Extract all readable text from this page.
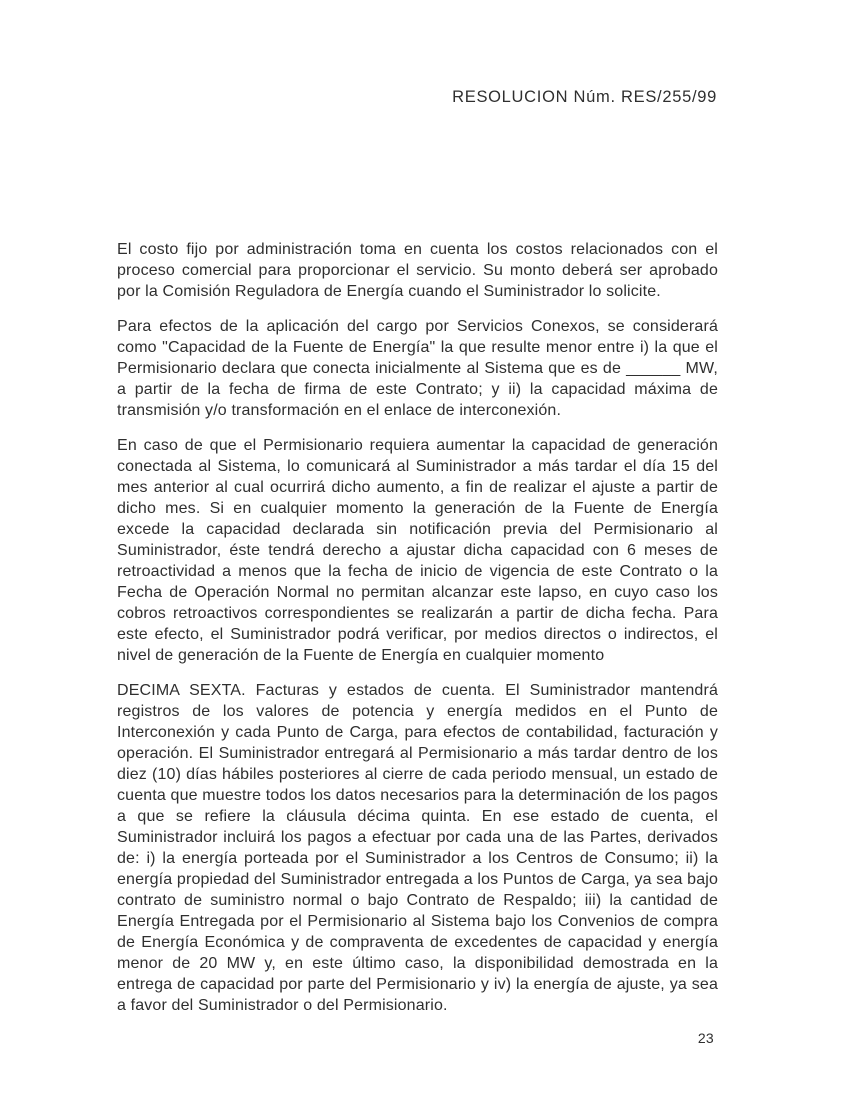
RESOLUCION Núm. RES/255/99

El costo fijo por administración toma en cuenta los costos relacionados con el proceso comercial para proporcionar el servicio. Su monto deberá ser aprobado por la Comisión Reguladora de Energía cuando el Suministrador lo solicite.

Para efectos de la aplicación del cargo por Servicios Conexos, se considerará como "Capacidad de la Fuente de Energía" la que resulte menor entre i) la que el Permisionario declara que conecta inicialmente al Sistema que es de ______ MW, a partir de la fecha de firma de este Contrato; y ii) la capacidad máxima de transmisión y/o transformación en el enlace de interconexión.

En caso de que el Permisionario requiera aumentar la capacidad de generación conectada al Sistema, lo comunicará al Suministrador a más tardar el día 15 del mes anterior al cual ocurrirá dicho aumento, a fin de realizar el ajuste a partir de dicho mes. Si en cualquier momento la generación de la Fuente de Energía excede la capacidad declarada sin notificación previa del Permisionario al Suministrador, éste tendrá derecho a ajustar dicha capacidad con 6 meses de retroactividad a menos que la fecha de inicio de vigencia de este Contrato o la Fecha de Operación Normal no permitan alcanzar este lapso, en cuyo caso los cobros retroactivos correspondientes se realizarán a partir de dicha fecha. Para este efecto, el Suministrador podrá verificar, por medios directos o indirectos, el nivel de generación de la Fuente de Energía en cualquier momento

DECIMA SEXTA. Facturas y estados de cuenta. El Suministrador mantendrá registros de los valores de potencia y energía medidos en el Punto de Interconexión y cada Punto de Carga, para efectos de contabilidad, facturación y operación. El Suministrador entregará al Permisionario a más tardar dentro de los diez (10) días hábiles posteriores al cierre de cada periodo mensual, un estado de cuenta que muestre todos los datos necesarios para la determinación de los pagos a que se refiere la cláusula décima quinta. En ese estado de cuenta, el Suministrador incluirá los pagos a efectuar por cada una de las Partes, derivados de: i) la energía porteada por el Suministrador a los Centros de Consumo; ii) la energía propiedad del Suministrador entregada a los Puntos de Carga, ya sea bajo contrato de suministro normal o bajo Contrato de Respaldo; iii) la cantidad de Energía Entregada por el Permisionario al Sistema bajo los Convenios de compra de Energía Económica y de compraventa de excedentes de capacidad y energía menor de 20 MW y, en este último caso, la disponibilidad demostrada en la entrega de capacidad por parte del Permisionario y iv) la energía de ajuste, ya sea a favor del Suministrador o del Permisionario.

23
